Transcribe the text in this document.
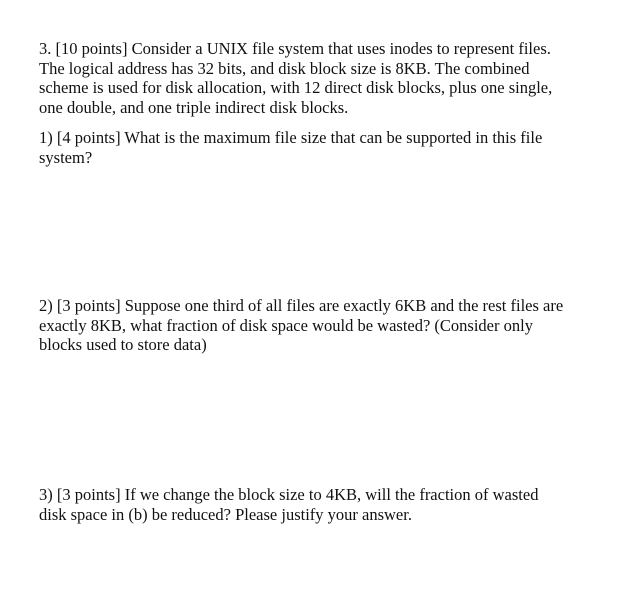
3. [10 points] Consider a UNIX file system that uses inodes to represent files.
The logical address has 32 bits, and disk block size is 8KB. The combined
scheme is used for disk allocation, with 12 direct disk blocks, plus one single,
one double, and one triple indirect disk blocks.
1) [4 points] What is the maximum file size that can be supported in this file
system?
2) [3 points] Suppose one third of all files are exactly 6KB and the rest files are
exactly 8KB, what fraction of disk space would be wasted? (Consider only
blocks used to store data)
3) [3 points] If we change the block size to 4KB, will the fraction of wasted
disk space in (b) be reduced? Please justify your answer.
